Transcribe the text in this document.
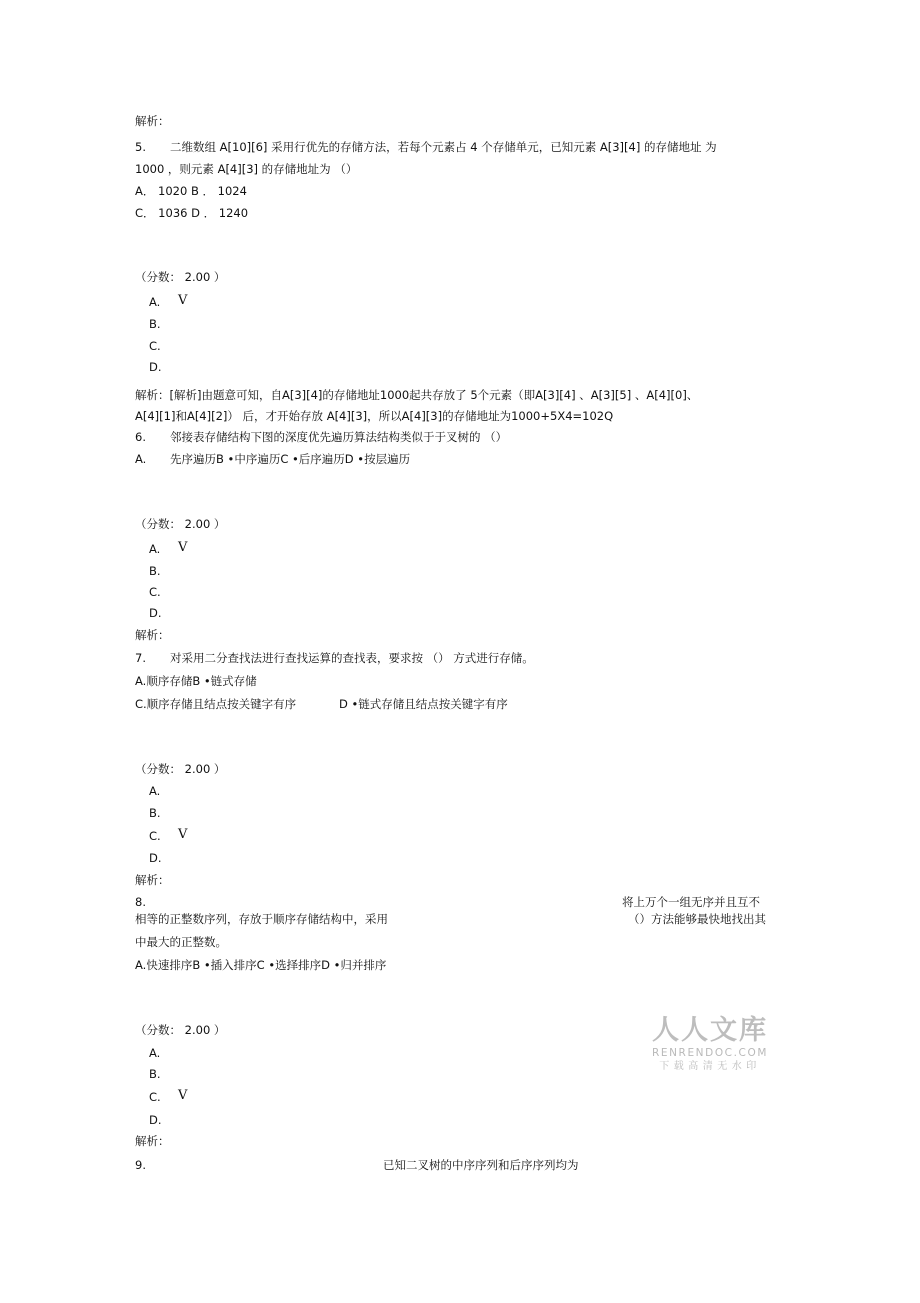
解析：
5. 二维数组 A[10][6] 采用行优先的存储方法，若每个元素占 4 个存储单元，已知元素 A[3][4] 的存储地址 为
1000 ，则元素 A[4][3] 的存储地址为 （）
A． 1020 B ． 1024
C． 1036 D ． 1240
（分数： 2.00 ）
A. V
B.
C.
D.
解析：[解析]由题意可知，自A[3][4]的存储地址1000起共存放了 5个元素（即A[3][4] 、A[3][5] 、A[4][0]、
A[4][1]和A[4][2]） 后，才开始存放 A[4][3]，所以A[4][3]的存储地址为1000+5X4=102Q
6. 邻接表存储结构下图的深度优先遍历算法结构类似于于叉树的 （）
A. 先序遍历B •中序遍历C •后序遍历D •按层遍历
（分数： 2.00 ）
A. V
B.
C.
D.
解析：
7. 对采用二分查找法进行查找运算的查找表，要求按 （） 方式进行存储。
A.顺序存储B •链式存储
C.顺序存储且结点按关键字有序	D •链式存储且结点按关键字有序
（分数： 2.00 ）
A.
B.
C. V
D.
解析：
8.	将上万个一组无序并且互不
相等的正整数序列，存放于顺序存储结构中，采用	（）方法能够最快地找出其
中最大的正整数。
A.快速排序B •插入排序C •选择排序D •归并排序
（分数： 2.00 ）
A.
B.
C. V
D.
解析：
9.	已知二叉树的中序序列和后序序列均为
人人文库
RENRENDOC.COM
下载高清无水印
